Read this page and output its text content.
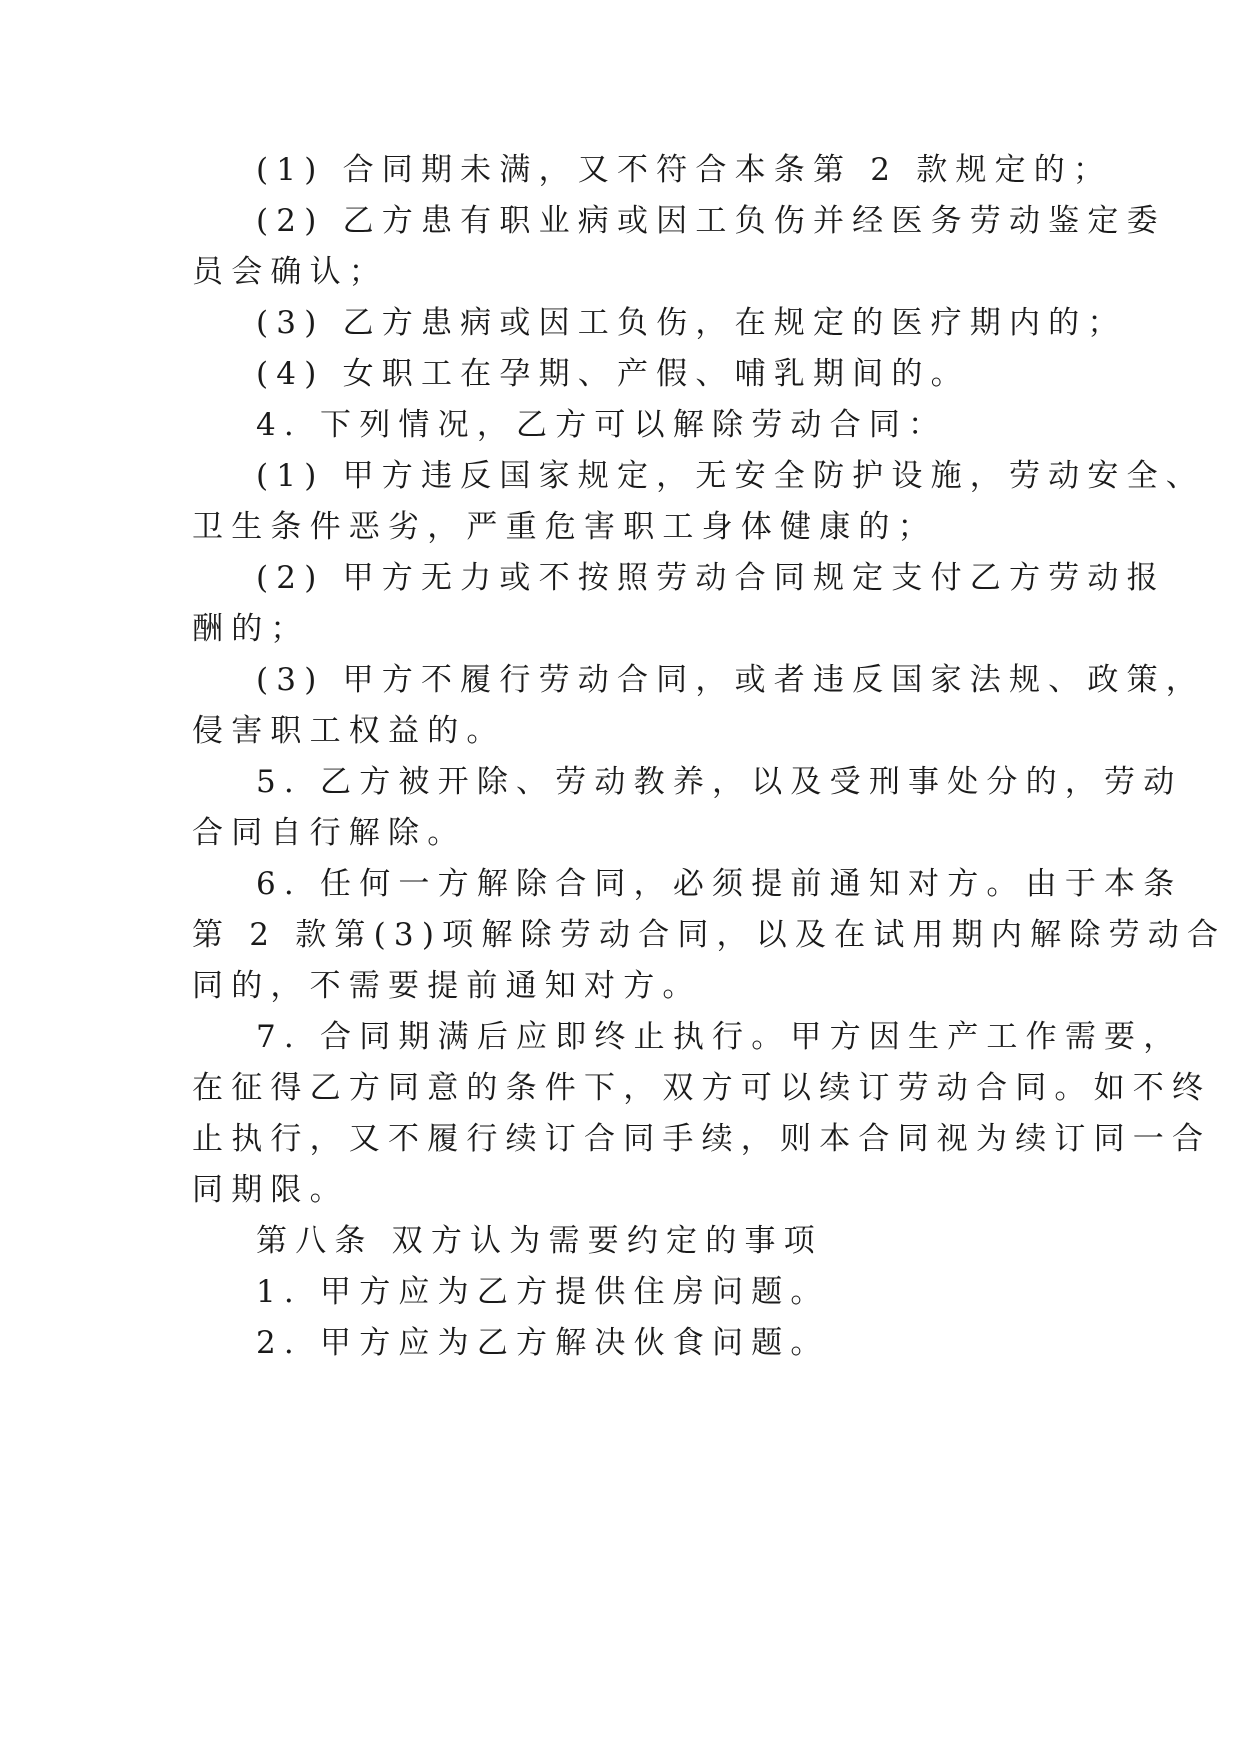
(1) 合同期未满，又不符合本条第 2 款规定的；
(2) 乙方患有职业病或因工负伤并经医务劳动鉴定委
员会确认；
(3) 乙方患病或因工负伤，在规定的医疗期内的；
(4) 女职工在孕期、产假、哺乳期间的。
4. 下列情况，乙方可以解除劳动合同：
(1) 甲方违反国家规定，无安全防护设施，劳动安全、
卫生条件恶劣，严重危害职工身体健康的；
(2) 甲方无力或不按照劳动合同规定支付乙方劳动报
酬的；
(3) 甲方不履行劳动合同，或者违反国家法规、政策，
侵害职工权益的。
5. 乙方被开除、劳动教养，以及受刑事处分的，劳动
合同自行解除。
6. 任何一方解除合同，必须提前通知对方。由于本条
第 2 款第(3)项解除劳动合同，以及在试用期内解除劳动合
同的，不需要提前通知对方。
7. 合同期满后应即终止执行。甲方因生产工作需要，
在征得乙方同意的条件下，双方可以续订劳动合同。如不终
止执行，又不履行续订合同手续，则本合同视为续订同一合
同期限。
第八条 双方认为需要约定的事项
1. 甲方应为乙方提供住房问题。
2. 甲方应为乙方解决伙食问题。
